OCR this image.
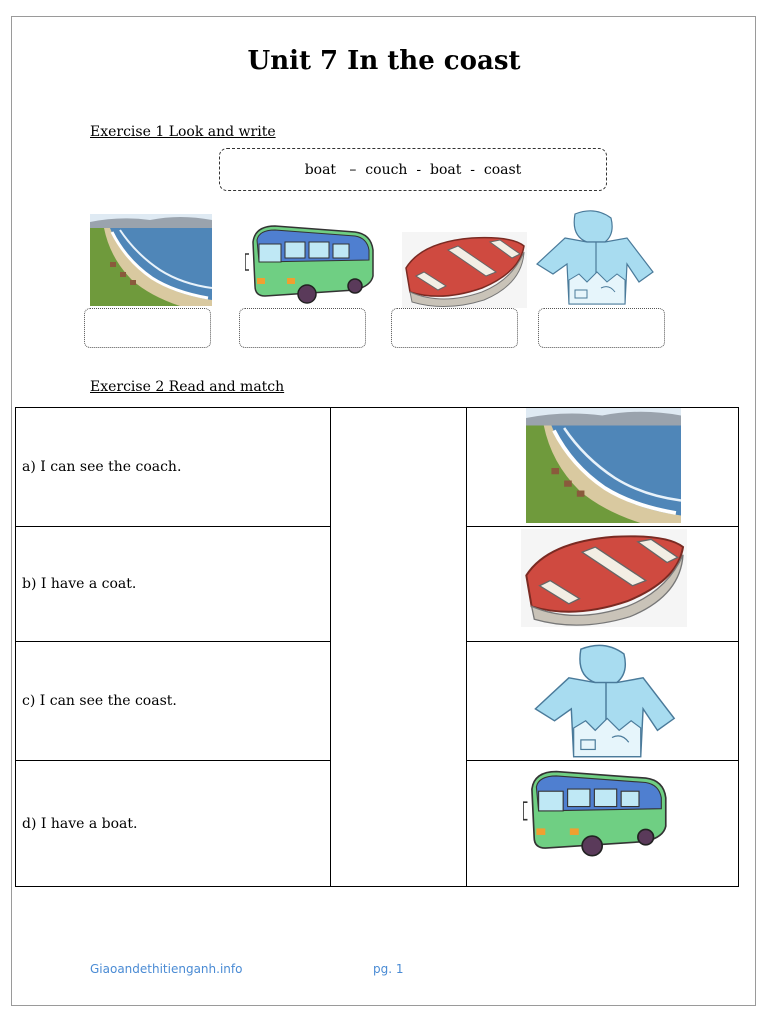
Unit 7 In the coast
Exercise 1 Look and write
boat   –  couch  -  boat  -  coast
Exercise 2 Read and match
a) I can see the coach.		

b) I have a coat.	

c) I can see the coast.	

d) I have a boat.	
Giaoandethitienganh.info	pg. 1
